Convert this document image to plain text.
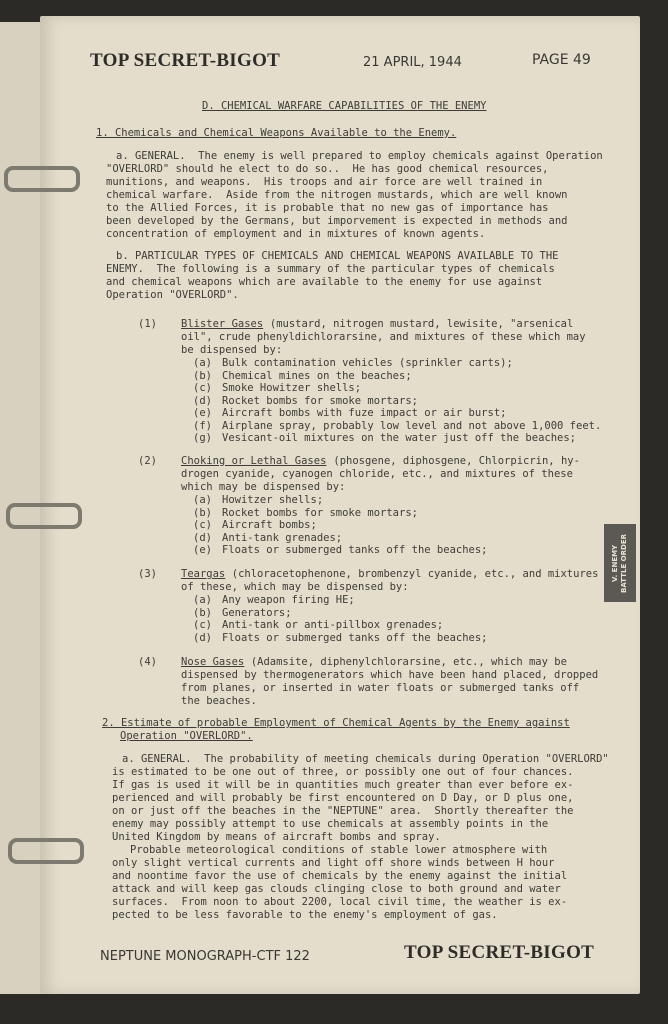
V. ENEMY
BATTLE ORDER
TOP SECRET-BIGOT	21 APRIL, 1944	PAGE 49
NEPTUNE MONOGRAPH-CTF 122	TOP SECRET-BIGOT
D. CHEMICAL WARFARE CAPABILITIES OF THE ENEMY
1. Chemicals and Chemical Weapons Available to the Enemy.
a. GENERAL.  The enemy is well prepared to employ chemicals against Operation
"OVERLORD" should he elect to do so..  He has good chemical resources,
munitions, and weapons.  His troops and air force are well trained in
chemical warfare.  Aside from the nitrogen mustards, which are well known
to the Allied Forces, it is probable that no new gas of importance has
been developed by the Germans, but imporvement is expected in methods and
concentration of employment and in mixtures of known agents.
b. PARTICULAR TYPES OF CHEMICALS AND CHEMICAL WEAPONS AVAILABLE TO THE
ENEMY.  The following is a summary of the particular types of chemicals
and chemical weapons which are available to the enemy for use against
Operation "OVERLORD".
(1) Blister Gases (mustard, nitrogen mustard, lewisite, "arsenical
oil", crude phenyldichlorarsine, and mixtures of these which may
be dispensed by:
(a) Bulk contamination vehicles (sprinkler carts);
(b) Chemical mines on the beaches;
(c) Smoke Howitzer shells;
(d) Rocket bombs for smoke mortars;
(e) Aircraft bombs with fuze impact or air burst;
(f) Airplane spray, probably low level and not above 1,000 feet.
(g) Vesicant-oil mixtures on the water just off the beaches;
(2) Choking or Lethal Gases (phosgene, diphosgene, Chlorpicrin, hy-
drogen cyanide, cyanogen chloride, etc., and mixtures of these
which may be dispensed by:
(a) Howitzer shells;
(b) Rocket bombs for smoke mortars;
(c) Aircraft bombs;
(d) Anti-tank grenades;
(e) Floats or submerged tanks off the beaches;
(3) Teargas (chloracetophenone, brombenzyl cyanide, etc., and mixtures
of these, which may be dispensed by:
(a) Any weapon firing HE;
(b) Generators;
(c) Anti-tank or anti-pillbox grenades;
(d) Floats or submerged tanks off the beaches;
(4) Nose Gases (Adamsite, diphenylchlorarsine, etc., which may be
dispensed by thermogenerators which have been hand placed, dropped
from planes, or inserted in water floats or submerged tanks off
the beaches.
2. Estimate of probable Employment of Chemical Agents by the Enemy against
Operation "OVERLORD".
a. GENERAL.  The probability of meeting chemicals during Operation "OVERLORD"
is estimated to be one out of three, or possibly one out of four chances.
If gas is used it will be in quantities much greater than ever before ex-
perienced and will probably be first encountered on D Day, or D plus one,
on or just off the beaches in the "NEPTUNE" area.  Shortly thereafter the
enemy may possibly attempt to use chemicals at assembly points in the
United Kingdom by means of aircraft bombs and spray.
Probable meteorological conditions of stable lower atmosphere with
only slight vertical currents and light off shore winds between H hour
and noontime favor the use of chemicals by the enemy against the initial
attack and will keep gas clouds clinging close to both ground and water
surfaces.  From noon to about 2200, local civil time, the weather is ex-
pected to be less favorable to the enemy's employment of gas.
